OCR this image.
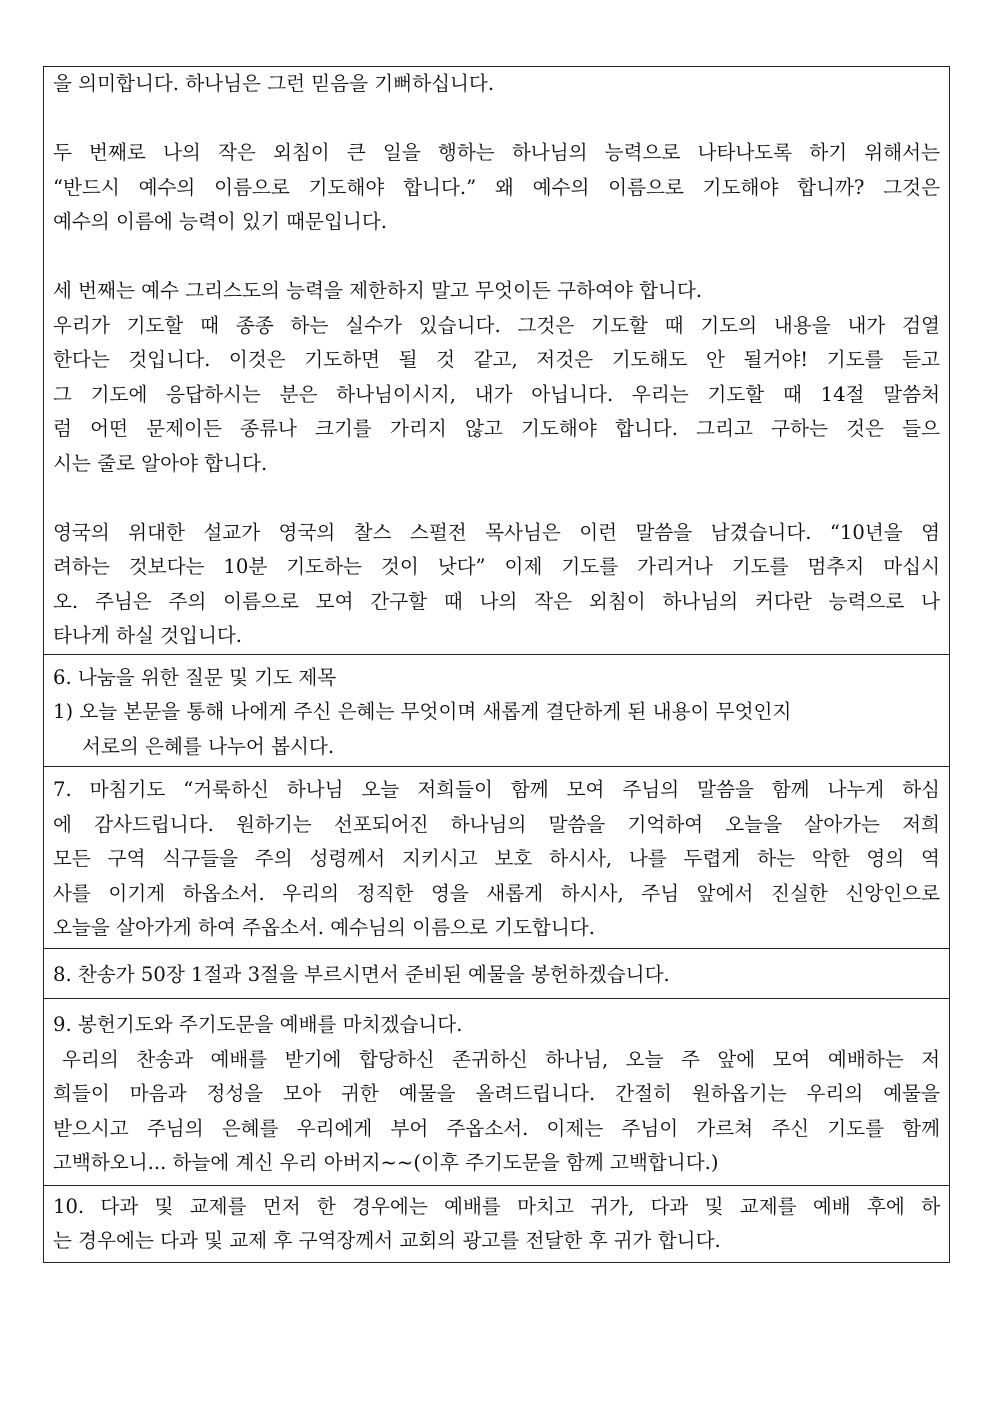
을 의미합니다. 하나님은 그런 믿음을 기뻐하십니다.
두 번째로 나의 작은 외침이 큰 일을 행하는 하나님의 능력으로 나타나도록 하기 위해서는
“반드시 예수의 이름으로 기도해야 합니다.” 왜 예수의 이름으로 기도해야 합니까? 그것은
예수의 이름에 능력이 있기 때문입니다.
세 번째는 예수 그리스도의 능력을 제한하지 말고 무엇이든 구하여야 합니다.
우리가 기도할 때 종종 하는 실수가 있습니다. 그것은 기도할 때 기도의 내용을 내가 검열
한다는 것입니다. 이것은 기도하면 될 것 같고, 저것은 기도해도 안 될거야! 기도를 듣고
그 기도에 응답하시는 분은 하나님이시지, 내가 아닙니다. 우리는 기도할 때 14절 말씀처
럼 어떤 문제이든 종류나 크기를 가리지 않고 기도해야 합니다. 그리고 구하는 것은 들으
시는 줄로 알아야 합니다.
영국의 위대한 설교가 영국의 찰스 스펄전 목사님은 이런 말씀을 남겼습니다. “10년을 염
려하는 것보다는 10분 기도하는 것이 낫다” 이제 기도를 가리거나 기도를 멈추지 마십시
오. 주님은 주의 이름으로 모여 간구할 때 나의 작은 외침이 하나님의 커다란 능력으로 나
타나게 하실 것입니다.
6. 나눔을 위한 질문 및 기도 제목
1) 오늘 본문을 통해 나에게 주신 은혜는 무엇이며 새롭게 결단하게 된 내용이 무엇인지
서로의 은혜를 나누어 봅시다.
7. 마침기도 “거룩하신 하나님 오늘 저희들이 함께 모여 주님의 말씀을 함께 나누게 하심
에 감사드립니다. 원하기는 선포되어진 하나님의 말씀을 기억하여 오늘을 살아가는 저희
모든 구역 식구들을 주의 성령께서 지키시고 보호 하시사, 나를 두렵게 하는 악한 영의 역
사를 이기게 하옵소서. 우리의 정직한 영을 새롭게 하시사, 주님 앞에서 진실한 신앙인으로
오늘을 살아가게 하여 주옵소서. 예수님의 이름으로 기도합니다.
8. 찬송가 50장 1절과 3절을 부르시면서 준비된 예물을 봉헌하겠습니다.
9. 봉헌기도와 주기도문을 예배를 마치겠습니다.
우리의 찬송과 예배를 받기에 합당하신 존귀하신 하나님, 오늘 주 앞에 모여 예배하는 저
희들이 마음과 정성을 모아 귀한 예물을 올려드립니다. 간절히 원하옵기는 우리의 예물을
받으시고 주님의 은혜를 우리에게 부어 주옵소서. 이제는 주님이 가르쳐 주신 기도를 함께
고백하오니... 하늘에 계신 우리 아버지~~(이후 주기도문을 함께 고백합니다.)
10. 다과 및 교제를 먼저 한 경우에는 예배를 마치고 귀가, 다과 및 교제를 예배 후에 하
는 경우에는 다과 및 교제 후 구역장께서 교회의 광고를 전달한 후 귀가 합니다.
